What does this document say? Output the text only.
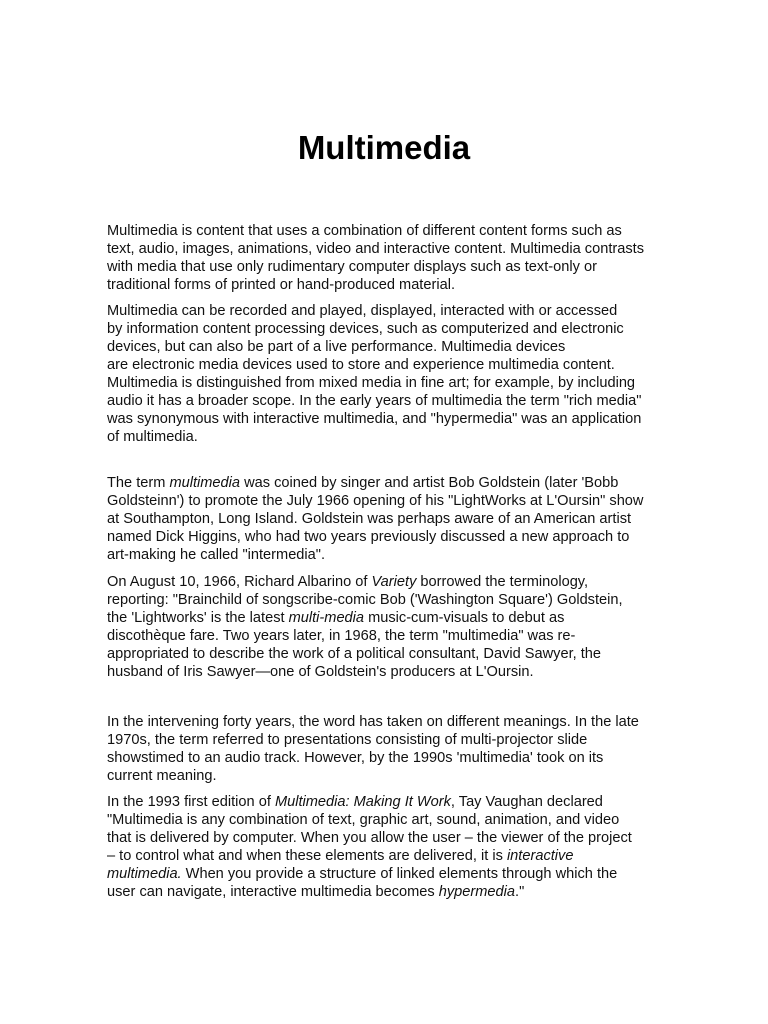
Multimedia

Multimedia is content that uses a combination of different content forms such as
text, audio, images, animations, video and interactive content. Multimedia contrasts
with media that use only rudimentary computer displays such as text-only or
traditional forms of printed or hand-produced material.

Multimedia can be recorded and played, displayed, interacted with or accessed
by information content processing devices, such as computerized and electronic
devices, but can also be part of a live performance. Multimedia devices
are electronic media devices used to store and experience multimedia content.
Multimedia is distinguished from mixed media in fine art; for example, by including
audio it has a broader scope. In the early years of multimedia the term "rich media"
was synonymous with interactive multimedia, and "hypermedia" was an application
of multimedia.

The term multimedia was coined by singer and artist Bob Goldstein (later 'Bobb
Goldsteinn') to promote the July 1966 opening of his "LightWorks at L'Oursin" show
at Southampton, Long Island. Goldstein was perhaps aware of an American artist
named Dick Higgins, who had two years previously discussed a new approach to
art-making he called "intermedia".

On August 10, 1966, Richard Albarino of Variety borrowed the terminology,
reporting: "Brainchild of songscribe-comic Bob ('Washington Square') Goldstein,
the 'Lightworks' is the latest multi-media music-cum-visuals to debut as
discothèque fare. Two years later, in 1968, the term "multimedia" was re-
appropriated to describe the work of a political consultant, David Sawyer, the
husband of Iris Sawyer—one of Goldstein's producers at L'Oursin.

In the intervening forty years, the word has taken on different meanings. In the late
1970s, the term referred to presentations consisting of multi-projector slide
showstimed to an audio track. However, by the 1990s 'multimedia' took on its
current meaning.

In the 1993 first edition of Multimedia: Making It Work, Tay Vaughan declared
"Multimedia is any combination of text, graphic art, sound, animation, and video
that is delivered by computer. When you allow the user – the viewer of the project
– to control what and when these elements are delivered, it is interactive
multimedia. When you provide a structure of linked elements through which the
user can navigate, interactive multimedia becomes hypermedia."
